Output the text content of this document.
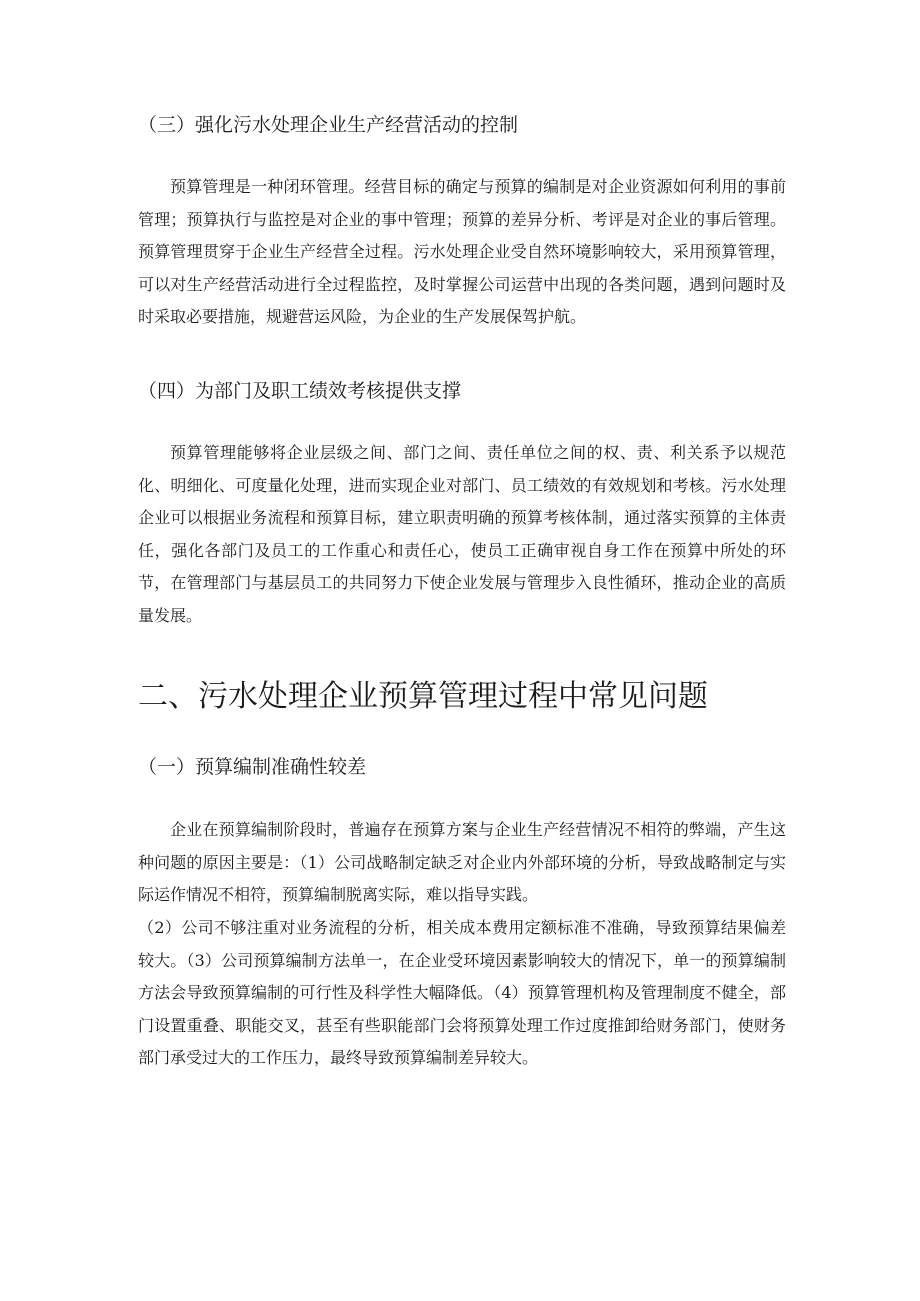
（三）强化污水处理企业生产经营活动的控制

预算管理是一种闭环管理。经营目标的确定与预算的编制是对企业资源如何利用的事前管理；预算执行与监控是对企业的事中管理；预算的差异分析、考评是对企业的事后管理。预算管理贯穿于企业生产经营全过程。污水处理企业受自然环境影响较大，采用预算管理，可以对生产经营活动进行全过程监控，及时掌握公司运营中出现的各类问题，遇到问题时及时采取必要措施，规避营运风险，为企业的生产发展保驾护航。

（四）为部门及职工绩效考核提供支撑

预算管理能够将企业层级之间、部门之间、责任单位之间的权、责、利关系予以规范化、明细化、可度量化处理，进而实现企业对部门、员工绩效的有效规划和考核。污水处理企业可以根据业务流程和预算目标，建立职责明确的预算考核体制，通过落实预算的主体责任，强化各部门及员工的工作重心和责任心，使员工正确审视自身工作在预算中所处的环节，在管理部门与基层员工的共同努力下使企业发展与管理步入良性循环，推动企业的高质量发展。

二、污水处理企业预算管理过程中常见问题
（一）预算编制准确性较差

企业在预算编制阶段时，普遍存在预算方案与企业生产经营情况不相符的弊端，产生这种问题的原因主要是：（1）公司战略制定缺乏对企业内外部环境的分析，导致战略制定与实际运作情况不相符，预算编制脱离实际，难以指导实践。

（2）公司不够注重对业务流程的分析，相关成本费用定额标准不准确，导致预算结果偏差较大。（3）公司预算编制方法单一，在企业受环境因素影响较大的情况下，单一的预算编制方法会导致预算编制的可行性及科学性大幅降低。（4）预算管理机构及管理制度不健全，部门设置重叠、职能交叉，甚至有些职能部门会将预算处理工作过度推卸给财务部门，使财务部门承受过大的工作压力，最终导致预算编制差异较大。
